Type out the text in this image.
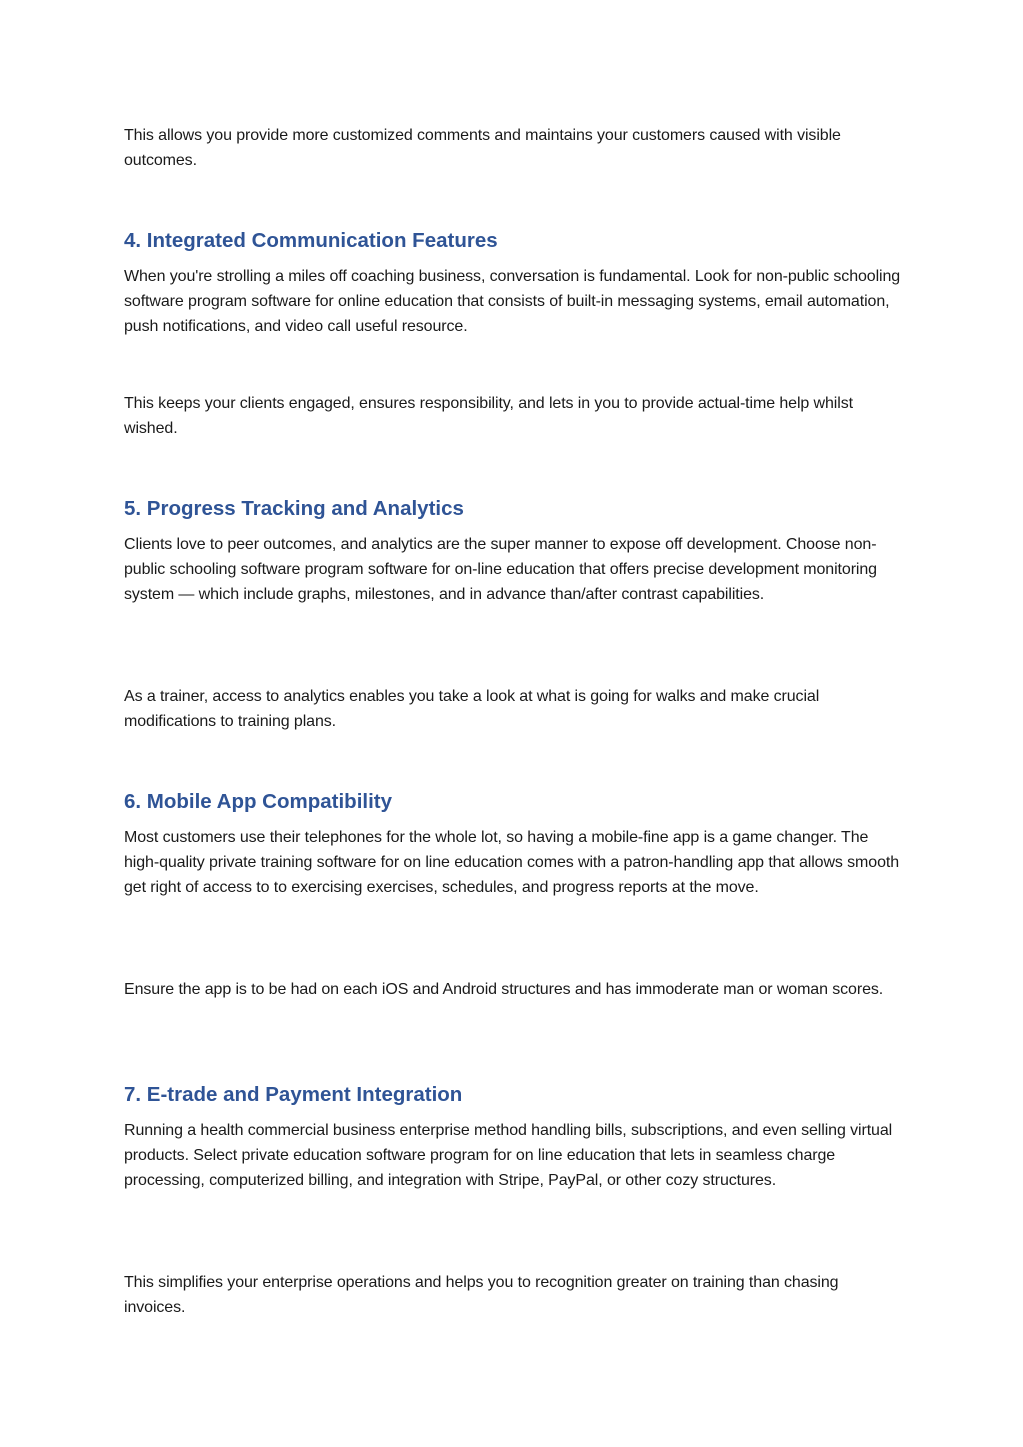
This allows you provide more customized comments and maintains your customers caused with visible outcomes.

4. Integrated Communication Features

When you're strolling a miles off coaching business, conversation is fundamental. Look for non-public schooling software program software for online education that consists of built-in messaging systems, email automation, push notifications, and video call useful resource.

This keeps your clients engaged, ensures responsibility, and lets in you to provide actual-time help whilst wished.

5. Progress Tracking and Analytics

Clients love to peer outcomes, and analytics are the super manner to expose off development. Choose non-public schooling software program software for on-line education that offers precise development monitoring system — which include graphs, milestones, and in advance than/after contrast capabilities.

As a trainer, access to analytics enables you take a look at what is going for walks and make crucial modifications to training plans.

6. Mobile App Compatibility

Most customers use their telephones for the whole lot, so having a mobile-fine app is a game changer. The high-quality private training software for on line education comes with a patron-handling app that allows smooth get right of access to to exercising exercises, schedules, and progress reports at the move.

Ensure the app is to be had on each iOS and Android structures and has immoderate man or woman scores.

7. E-trade and Payment Integration

Running a health commercial business enterprise method handling bills, subscriptions, and even selling virtual products. Select private education software program for on line education that lets in seamless charge processing, computerized billing, and integration with Stripe, PayPal, or other cozy structures.

This simplifies your enterprise operations and helps you to recognition greater on training than chasing invoices.
